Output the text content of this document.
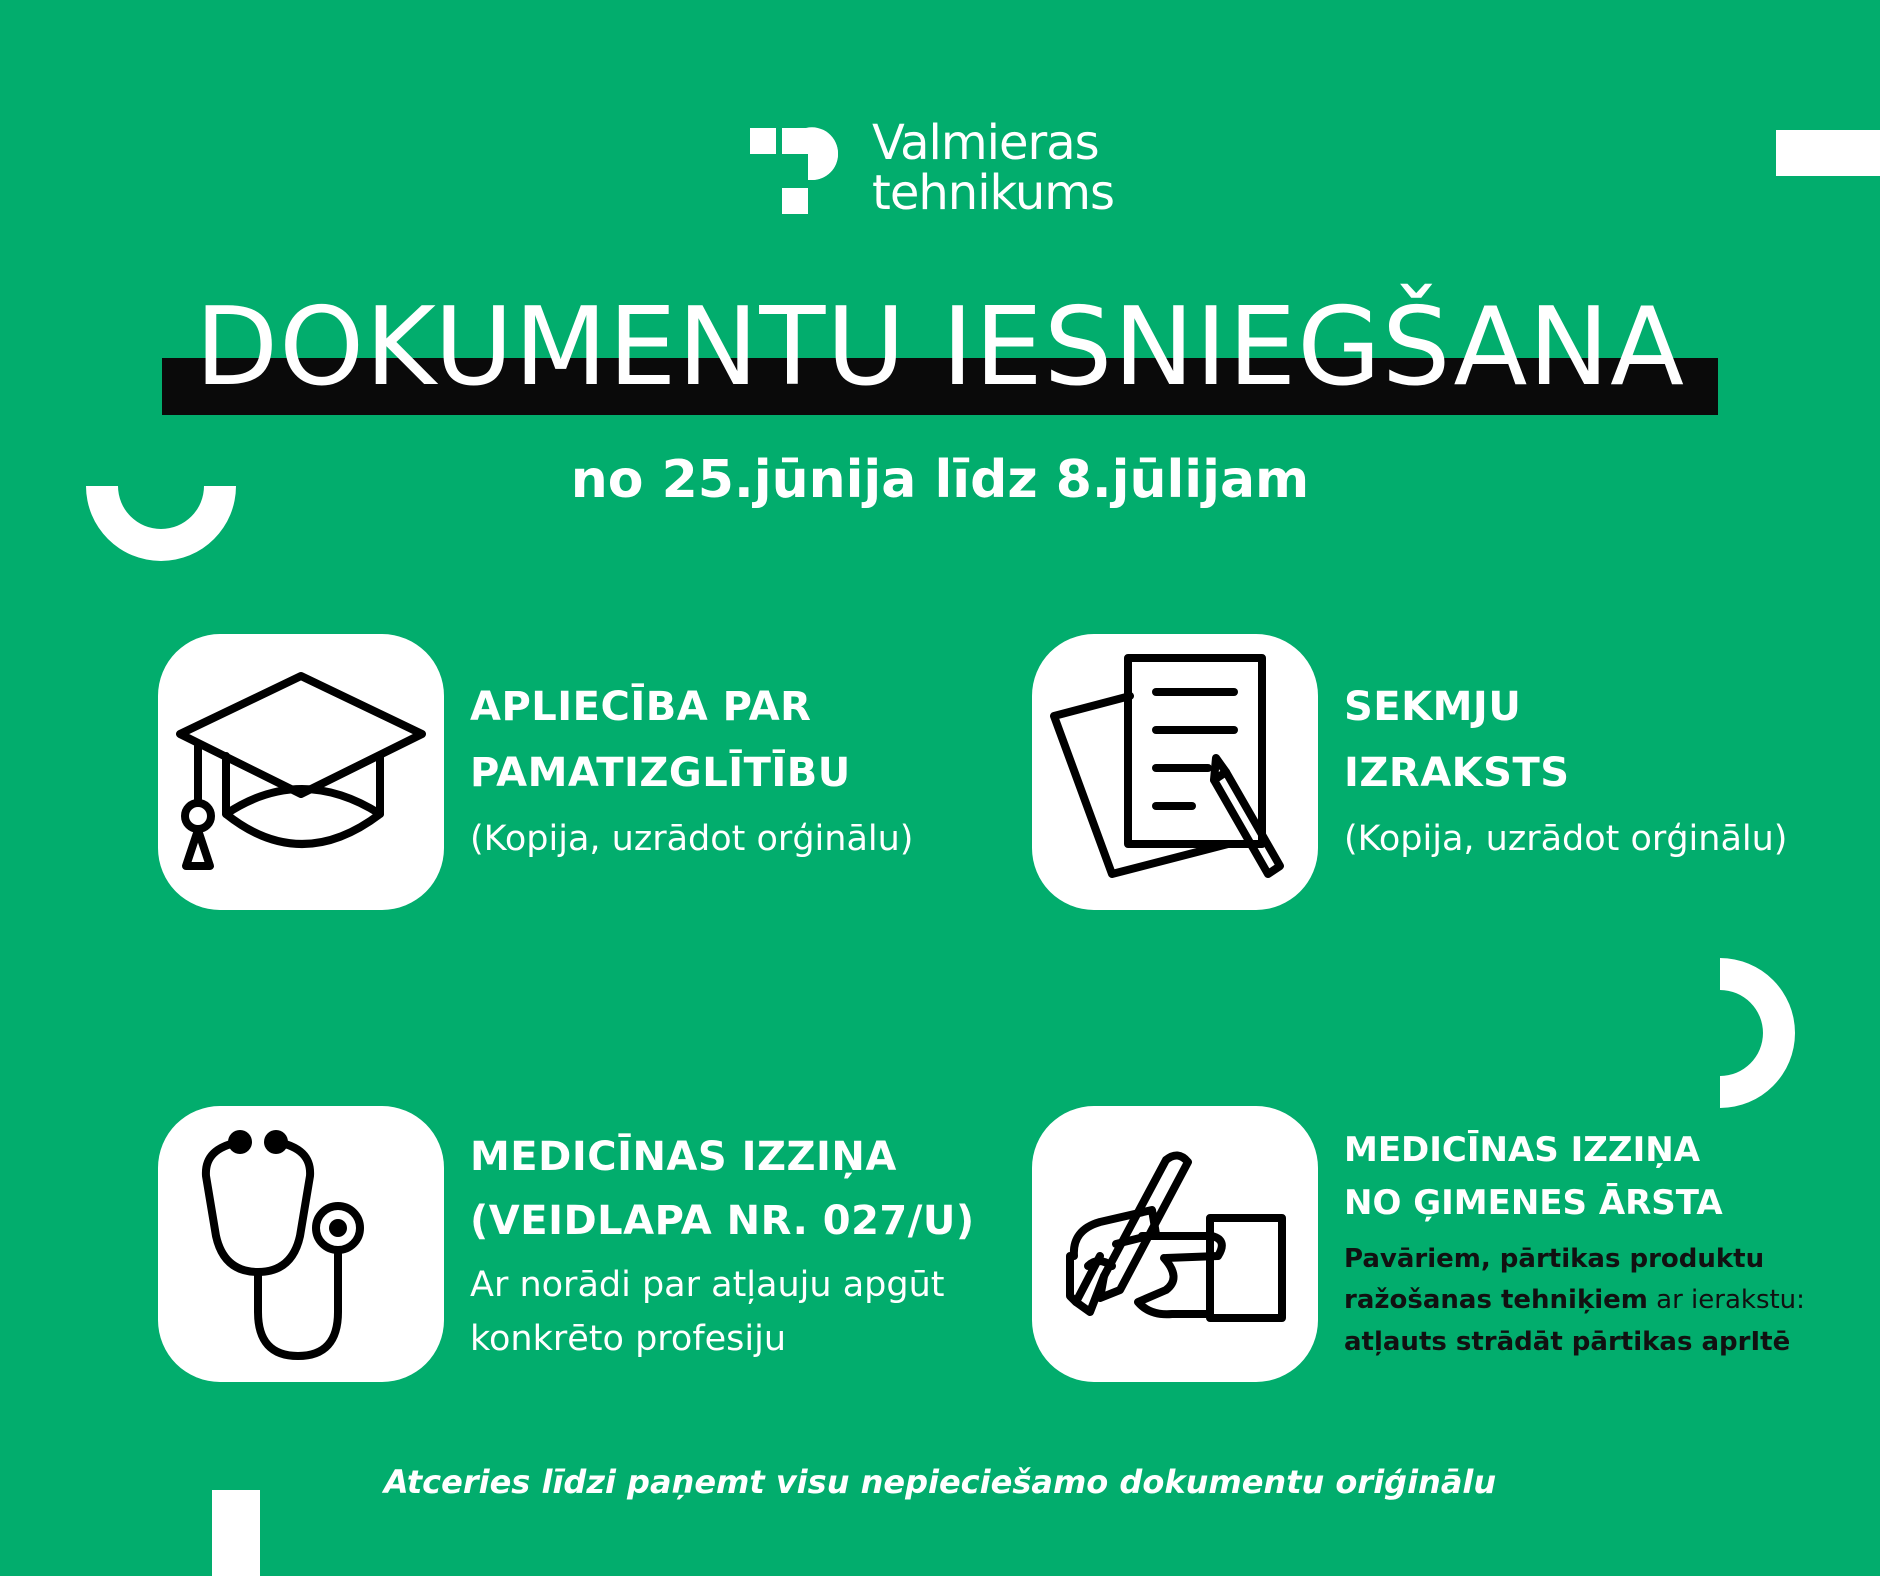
Valmieras
tehnikums
DOKUMENTU IESNIEGŠANA
no 25.jūnija līdz 8.jūlijam
APLIECĪBA PAR
PAMATIZGLĪTĪBU
(Kopija, uzrādot orģinālu)
SEKMJU
IZRAKSTS
(Kopija, uzrādot orģinālu)
MEDICĪNAS IZZIŅA
(VEIDLAPA NR. 027/U)
Ar norādi par atļauju apgūt
konkrēto profesiju
MEDICĪNAS IZZIŅA
NO ĢIMENES ĀRSTA
Pavāriem, pārtikas produktu
ražošanas tehniķiem ar ierakstu:
atļauts strādāt pārtikas aprItē
Atceries līdzi paņemt visu nepieciešamo dokumentu oriģinālu
